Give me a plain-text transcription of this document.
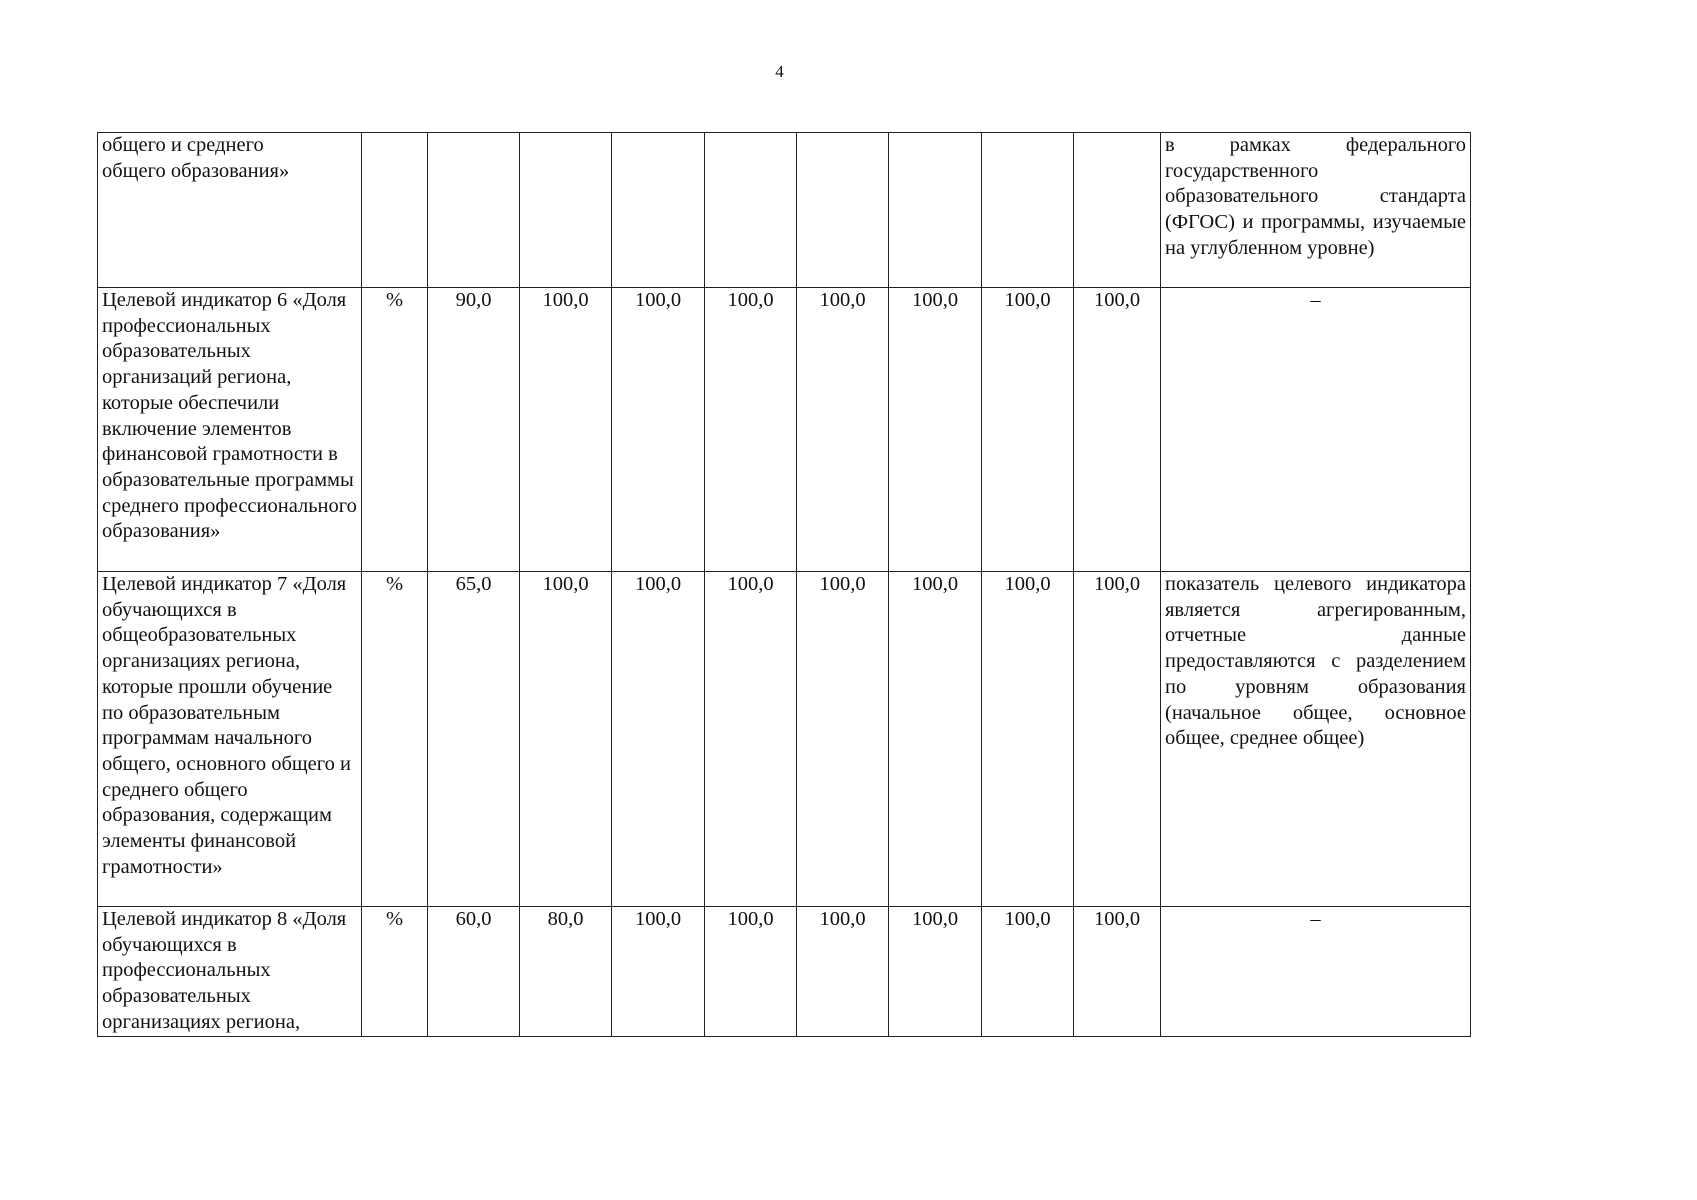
4
общего и среднего общего образования»										в рамках федерального государственного образовательного стандарта (ФГОС) и программы, изучаемые на углубленном уровне)
Целевой индикатор 6 «Доля профессиональных образовательных организаций региона, которые обеспечили включение элементов финансовой грамотности в образовательные программы среднего профессионального образования»	%	90,0	100,0	100,0	100,0	100,0	100,0	100,0	100,0	–
Целевой индикатор 7 «Доля обучающихся в общеобразовательных организациях региона, которые прошли обучение по образовательным программам начального общего, основного общего и среднего общего образования, содержащим элементы финансовой грамотности»	%	65,0	100,0	100,0	100,0	100,0	100,0	100,0	100,0	показатель целевого индикатора является агрегированным, отчетные данные предоставляются с разделением по уровням образования (начальное общее, основное общее, среднее общее)
Целевой индикатор 8 «Доля обучающихся в профессиональных образовательных организациях региона,	%	60,0	80,0	100,0	100,0	100,0	100,0	100,0	100,0	–
